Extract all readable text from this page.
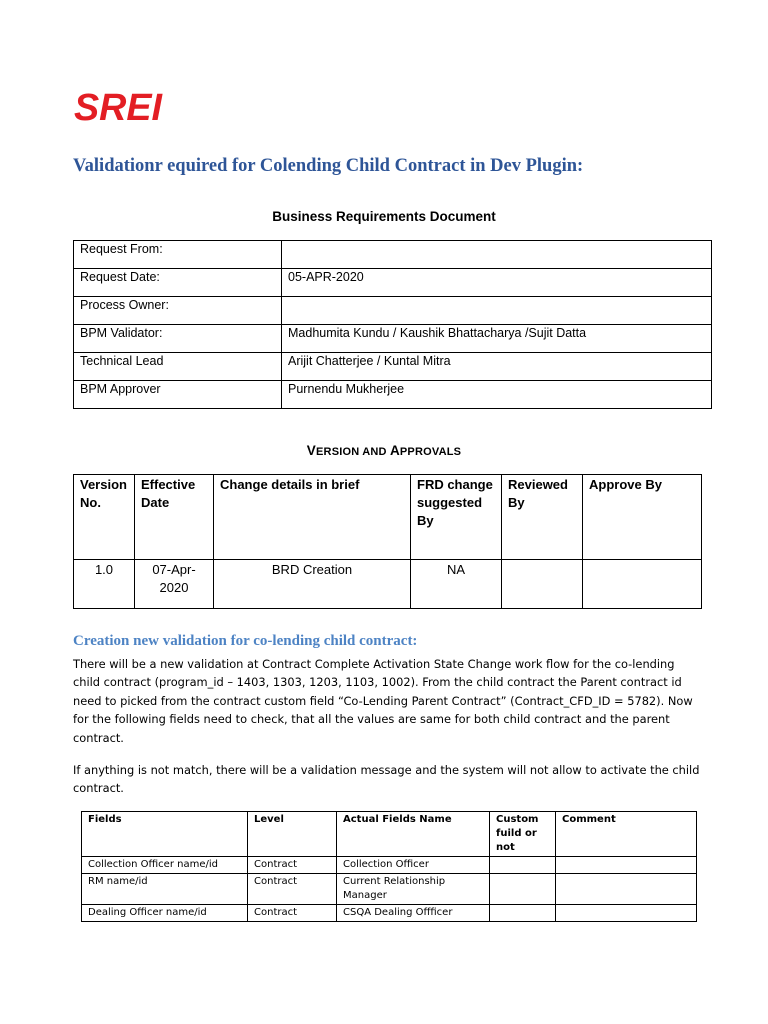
SREI
Validationr equired for Colending Child Contract in Dev Plugin:
Business Requirements Document
Request From:	
Request Date:	05-APR-2020
Process Owner:	
BPM Validator:	Madhumita Kundu / Kaushik Bhattacharya /Sujit Datta
Technical Lead	Arijit Chatterjee / Kuntal Mitra
BPM Approver	Purnendu Mukherjee
VERSION AND APPROVALS
Version No.	Effective Date	Change details in brief	FRD change suggested By	Reviewed By	Approve By
1.0	07-Apr-2020	BRD Creation	NA		
Creation new validation for co-lending child contract:

There will be a new validation at Contract Complete Activation State Change work flow for the co-lending child contract (program_id – 1403, 1303, 1203, 1103, 1002). From the child contract the Parent contract id need to picked from the contract custom field “Co-Lending Parent Contract” (Contract_CFD_ID = 5782). Now for the following fields need to check, that all the values are same for both child contract and the parent contract.

If anything is not match, there will be a validation message and the system will not allow to activate the child contract.

Fields	Level	Actual Fields Name	Custom fuild or not	Comment
Collection Officer name/id	Contract	Collection Officer		
RM name/id	Contract	Current Relationship Manager		
Dealing Officer name/id	Contract	CSQA Dealing Offficer		
